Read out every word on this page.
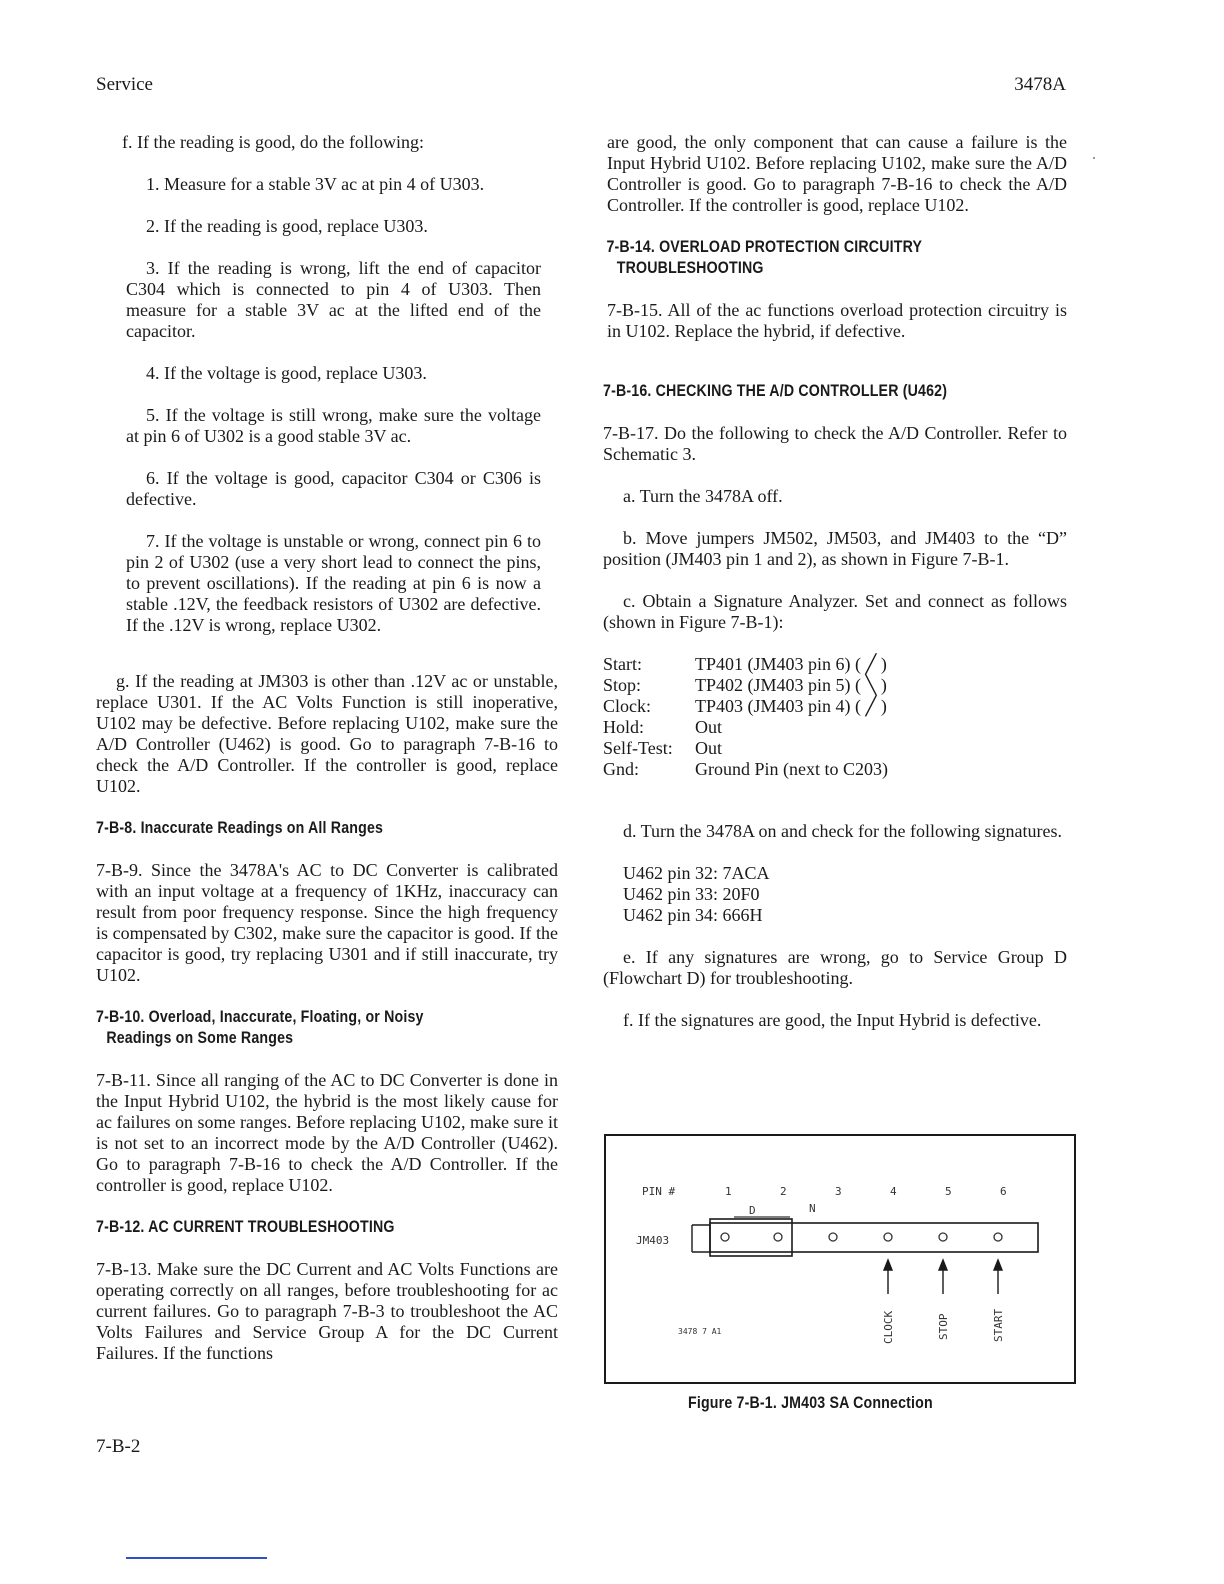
Service	3478A

f. If the reading is good, do the following:

1. Measure for a stable 3V ac at pin 4 of U303.

2. If the reading is good, replace U303.

3. If the reading is wrong, lift the end of capacitor C304 which is connected to pin 4 of U303. Then measure for a stable 3V ac at the lifted end of the capacitor.

4. If the voltage is good, replace U303.

5. If the voltage is still wrong, make sure the voltage at pin 6 of U302 is a good stable 3V ac.

6. If the voltage is good, capacitor C304 or C306 is defective.

7. If the voltage is unstable or wrong, connect pin 6 to pin 2 of U302 (use a very short lead to connect the pins, to prevent oscillations). If the reading at pin 6 is now a stable .12V, the feedback resistors of U302 are defective. If the .12V is wrong, replace U302.

g. If the reading at JM303 is other than .12V ac or unstable, replace U301. If the AC Volts Function is still inoperative, U102 may be defective. Before replacing U102, make sure the A/D Controller (U462) is good. Go to paragraph 7-B-16 to check the A/D Controller. If the controller is good, replace U102.

7-B-8. Inaccurate Readings on All Ranges

7-B-9. Since the 3478A's AC to DC Converter is calibrated with an input voltage at a frequency of 1KHz, inaccuracy can result from poor frequency response. Since the high frequency is compensated by C302, make sure the capacitor is good. If the capacitor is good, try replacing U301 and if still inaccurate, try U102.

7-B-10. Overload, Inaccurate, Floating, or Noisy
Readings on Some Ranges

7-B-11. Since all ranging of the AC to DC Converter is done in the Input Hybrid U102, the hybrid is the most likely cause for ac failures on some ranges. Before replacing U102, make sure it is not set to an incorrect mode by the A/D Controller (U462). Go to paragraph 7-B-16 to check the A/D Controller. If the controller is good, replace U102.

7-B-12. AC CURRENT TROUBLESHOOTING

7-B-13. Make sure the DC Current and AC Volts Functions are operating correctly on all ranges, before troubleshooting for ac current failures. Go to paragraph 7-B-3 to troubleshoot the AC Volts Failures and Service Group A for the DC Current Failures. If the functions

are good, the only component that can cause a failure is the Input Hybrid U102. Before replacing U102, make sure the A/D Controller is good. Go to paragraph 7-B-16 to check the A/D Controller. If the controller is good, replace U102.

7-B-14. OVERLOAD PROTECTION CIRCUITRY
TROUBLESHOOTING

7-B-15. All of the ac functions overload protection circuitry is in U102. Replace the hybrid, if defective.

7-B-16. CHECKING THE A/D CONTROLLER (U462)

7-B-17. Do the following to check the A/D Controller. Refer to Schematic 3.

a. Turn the 3478A off.

b. Move jumpers JM502, JM503, and JM403 to the “D” position (JM403 pin 1 and 2), as shown in Figure 7-B-1.

c. Obtain a Signature Analyzer. Set and connect as follows (shown in Figure 7-B-1):

Start:	TP401 (JM403 pin 6) ( ╱ )
Stop:	TP402 (JM403 pin 5) ( ╲ )
Clock:	TP403 (JM403 pin 4) ( ╱ )
Hold:	Out
Self-Test:	Out
Gnd:	Ground Pin (next to C203)

d. Turn the 3478A on and check for the following signatures.

U462 pin 32: 7ACA

U462 pin 33: 20F0

U462 pin 34: 666H

e. If any signatures are wrong, go to Service Group D (Flowchart D) for troubleshooting.

f. If the signatures are good, the Input Hybrid is defective.

PIN #	1	2	3	4	5	6
D	N
JM403
CLOCK	STOP	START
3478 7 A1
Figure 7-B-1. JM403 SA Connection
7-B-2
